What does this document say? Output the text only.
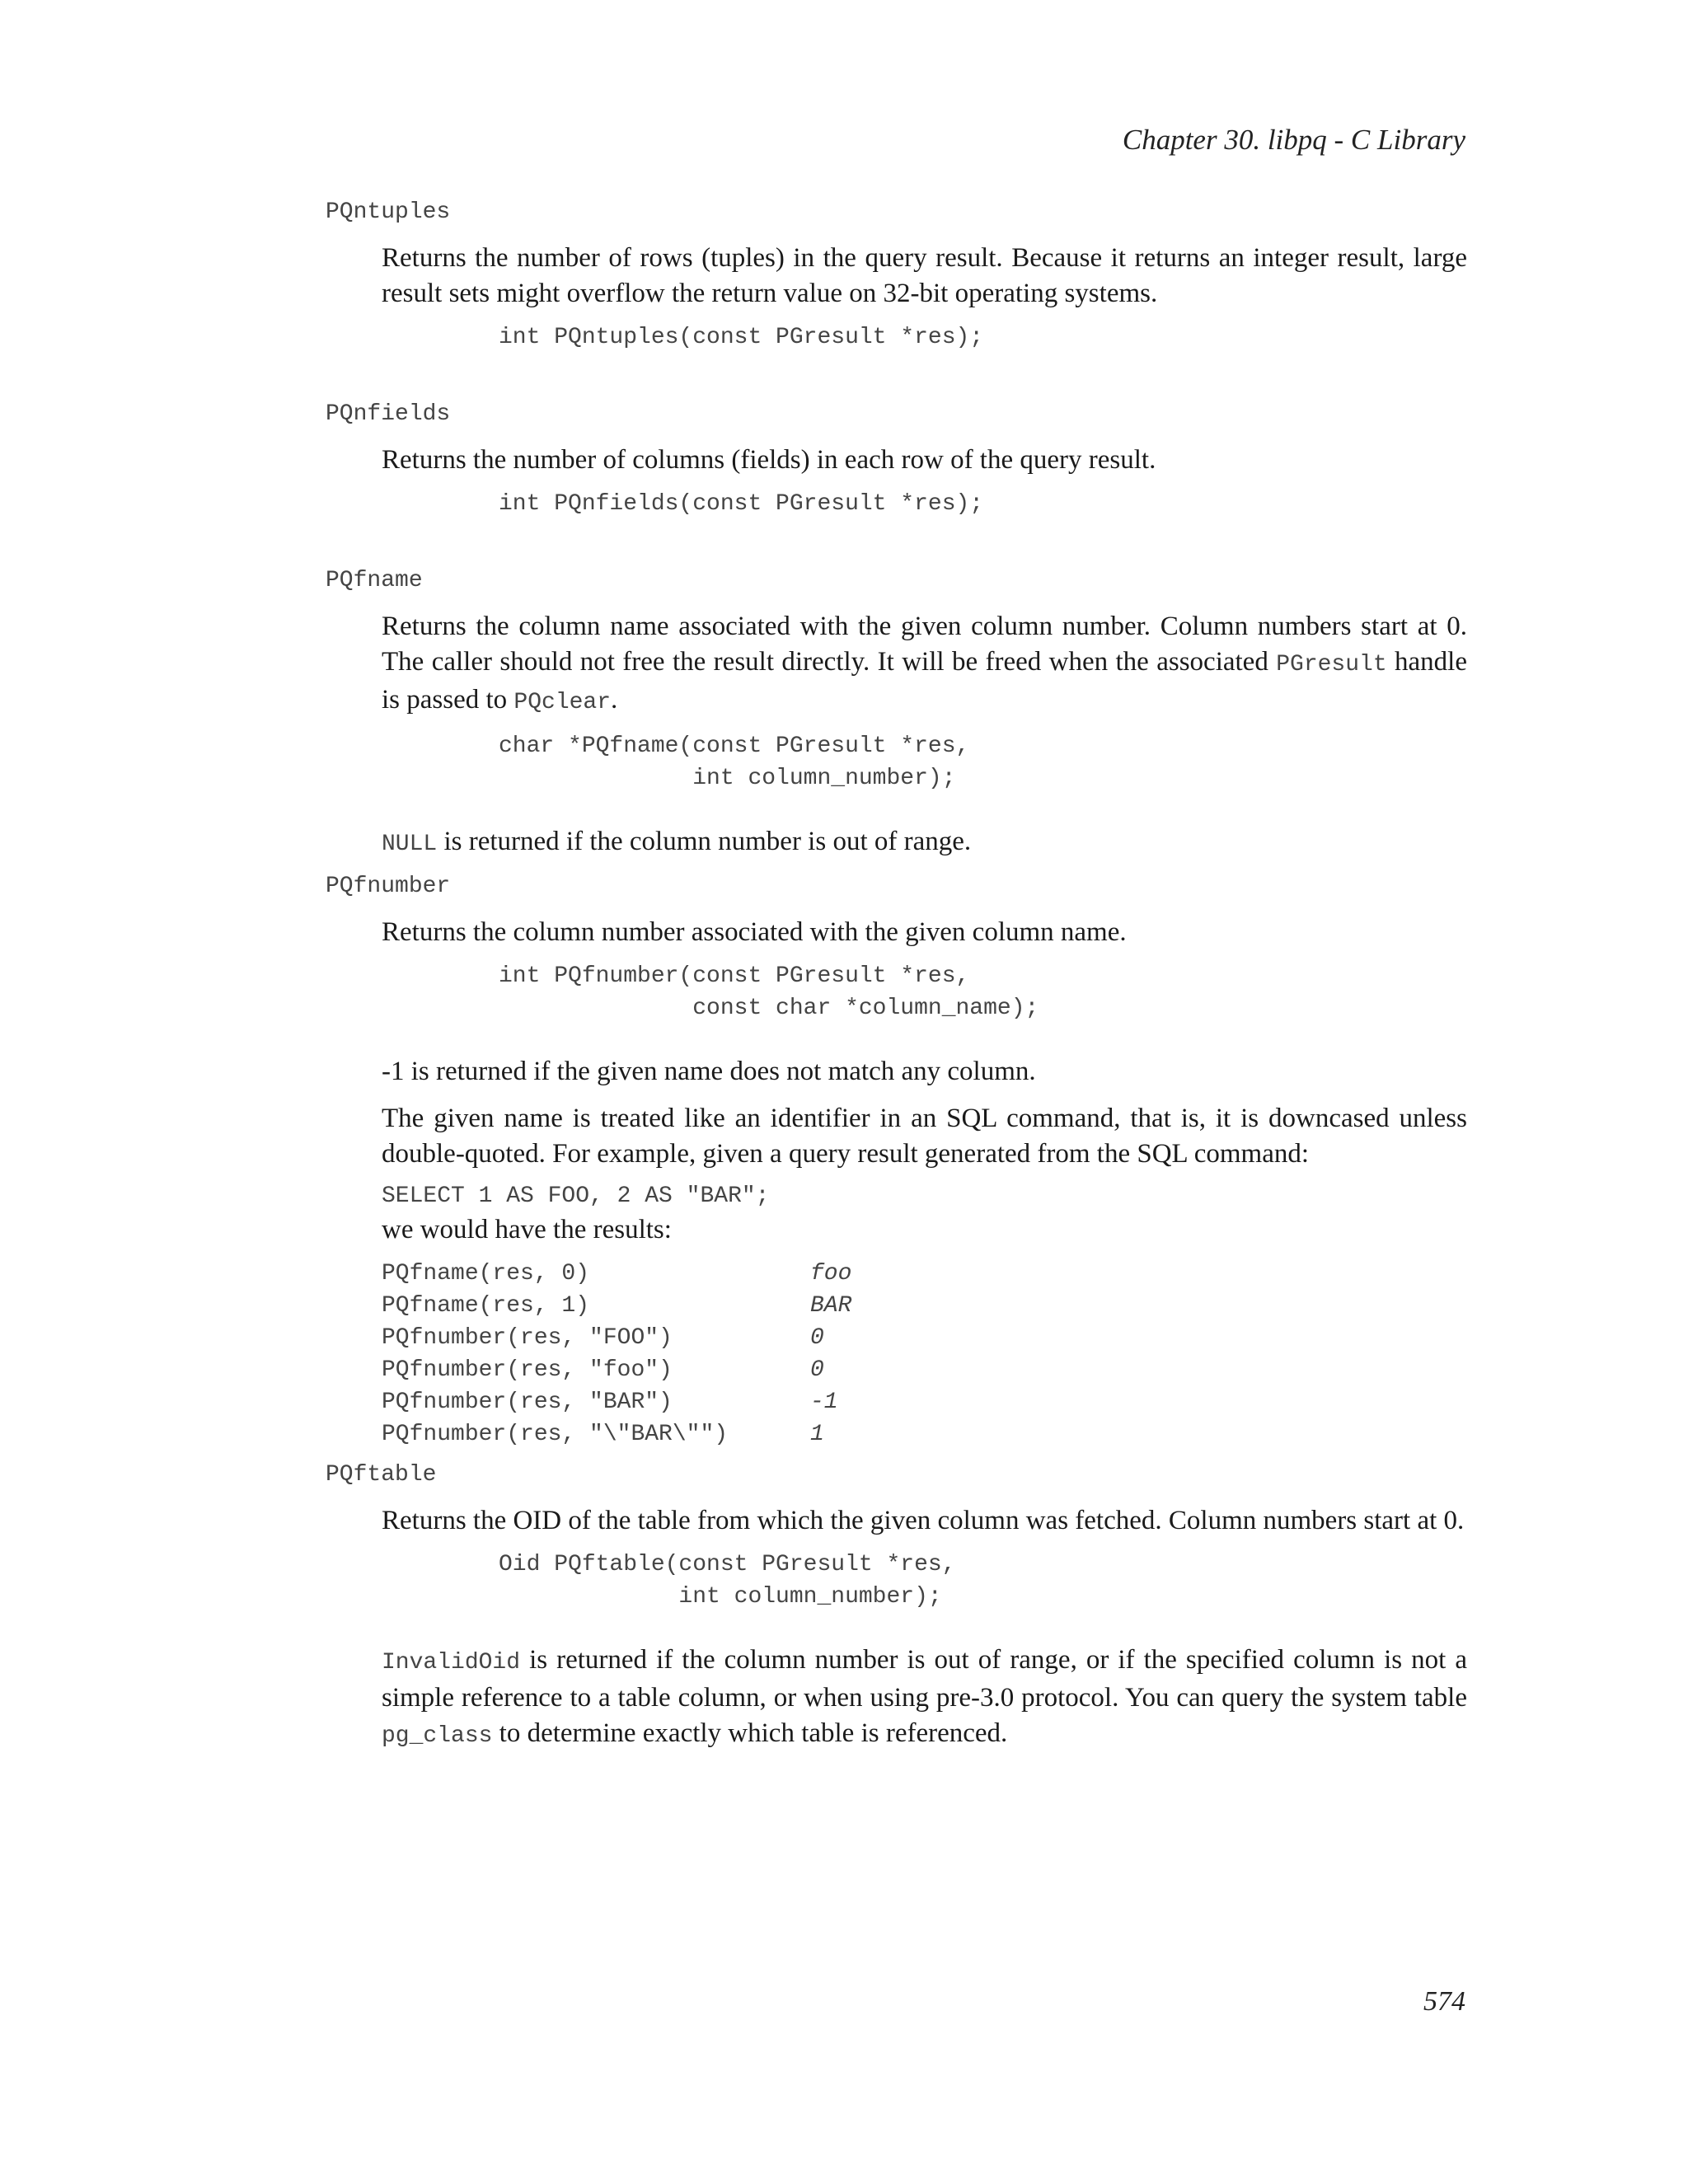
Chapter 30. libpq - C Library

PQntuples

Returns the number of rows (tuples) in the query result. Because it returns an integer result, large result sets might overflow the return value on 32-bit operating systems.

int PQntuples(const PGresult *res);

PQnfields

Returns the number of columns (fields) in each row of the query result.

int PQnfields(const PGresult *res);

PQfname

Returns the column name associated with the given column number. Column numbers start at 0. The caller should not free the result directly. It will be freed when the associated PGresult handle is passed to PQclear.

char *PQfname(const PGresult *res,
int column_number);

NULL is returned if the column number is out of range.

PQfnumber

Returns the column number associated with the given column name.

int PQfnumber(const PGresult *res,
const char *column_name);

-1 is returned if the given name does not match any column.

The given name is treated like an identifier in an SQL command, that is, it is downcased unless double-quoted. For example, given a query result generated from the SQL command:

SELECT 1 AS FOO, 2 AS "BAR";

we would have the results:

PQfname(res, 0)	foo
PQfname(res, 1)	BAR
PQfnumber(res, "FOO")	0
PQfnumber(res, "foo")	0
PQfnumber(res, "BAR")	-1
PQfnumber(res, "\"BAR\"")	1

PQftable

Returns the OID of the table from which the given column was fetched. Column numbers start at 0.

Oid PQftable(const PGresult *res,
int column_number);

InvalidOid is returned if the column number is out of range, or if the specified column is not a simple reference to a table column, or when using pre-3.0 protocol. You can query the system table pg_class to determine exactly which table is referenced.

574
